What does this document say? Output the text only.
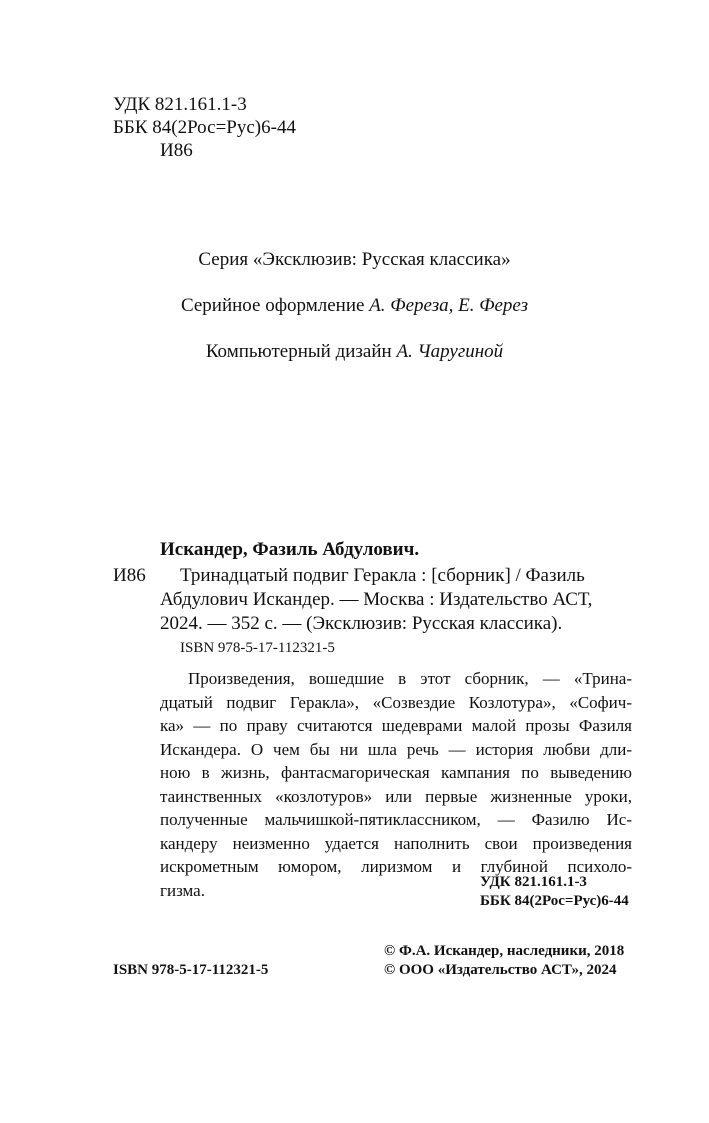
УДК 821.161.1-3
ББК 84(2Рос=Рус)6-44
И86
Серия «Эксклюзив: Русская классика»
Серийное оформление А. Фереза, Е. Ферез
Компьютерный дизайн А. Чаругиной
Искандер, Фазиль Абдулович.
И86 Тринадцатый подвиг Геракла : [сборник] / Фазиль
Абдулович Искандер. — Москва : Издательство АСТ,
2024. — 352 с. — (Эксклюзив: Русская классика).
ISBN 978-5-17-112321-5
Произведения, вошедшие в этот сборник, — «Трина-
дцатый подвиг Геракла», «Созвездие Козлотура», «Софич-
ка» — по праву считаются шедеврами малой прозы Фазиля
Искандера. О чем бы ни шла речь — история любви дли-
ною в жизнь, фантасмагорическая кампания по выведению
таинственных «козлотуров» или первые жизненные уроки,
полученные мальчишкой-пятиклассником, — Фазилю Ис-
кандеру неизменно удается наполнить свои произведения
искрометным юмором, лиризмом и глубиной психоло-
гизма.	УДК 821.161.1-3
ББК 84(2Рос=Рус)6-44
ISBN 978-5-17-112321-5
© Ф.А. Искандер, наследники, 2018
© ООО «Издательство АСТ», 2024
